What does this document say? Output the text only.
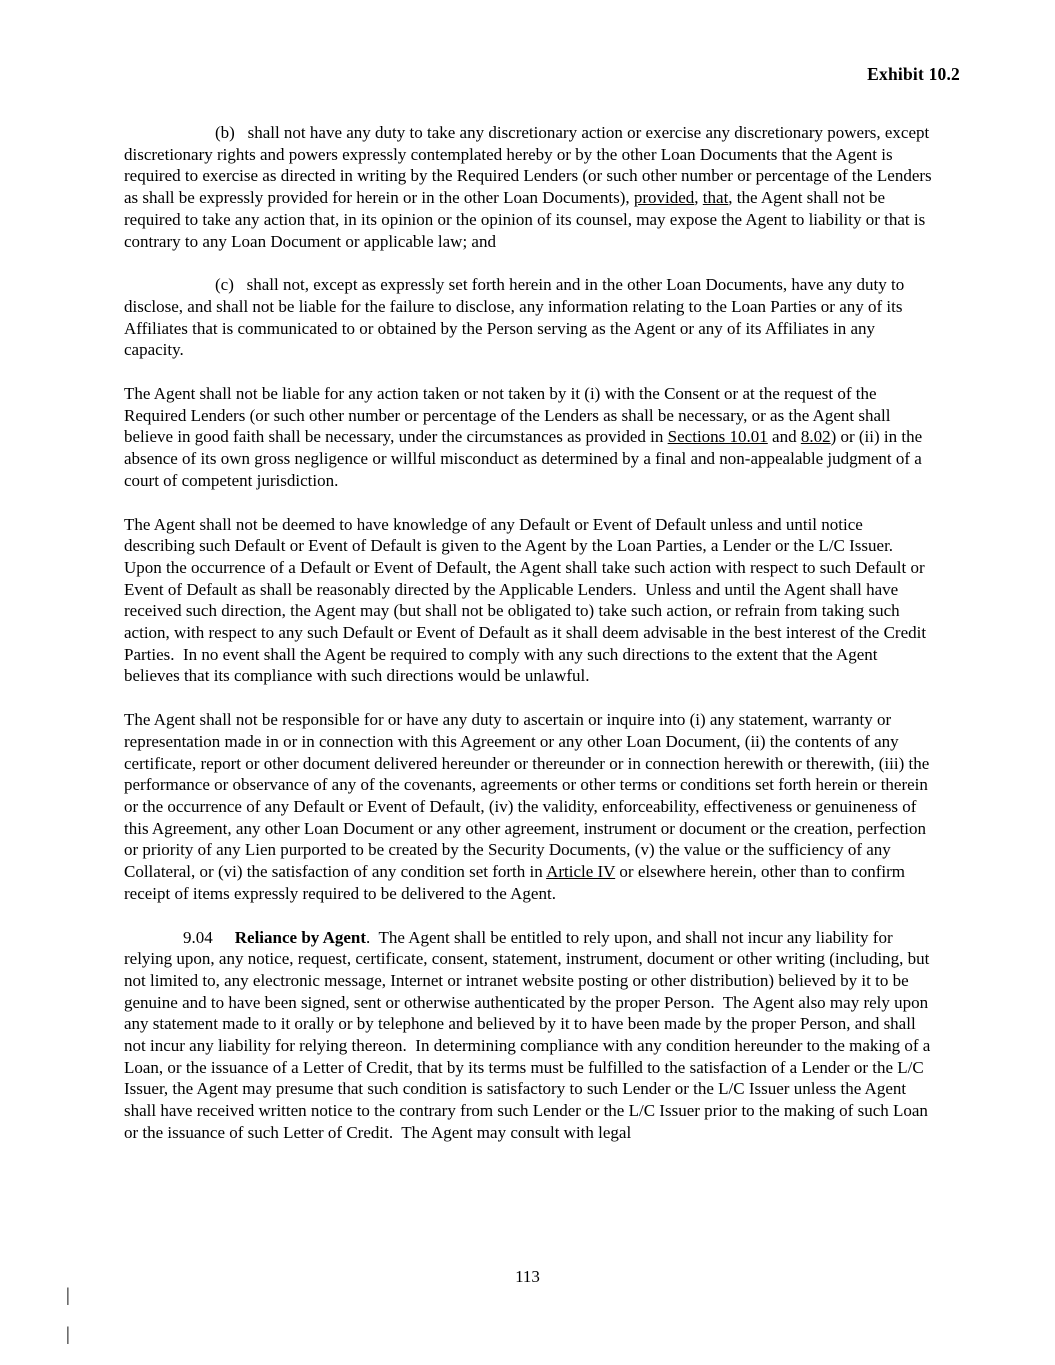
Exhibit 10.2

(b)   shall not have any duty to take any discretionary action or exercise any discretionary powers, except discretionary rights and powers expressly contemplated hereby or by the other Loan Documents that the Agent is required to exercise as directed in writing by the Required Lenders (or such other number or percentage of the Lenders as shall be expressly provided for herein or in the other Loan Documents), provided, that, the Agent shall not be required to take any action that, in its opinion or the opinion of its counsel, may expose the Agent to liability or that is contrary to any Loan Document or applicable law; and

(c)   shall not, except as expressly set forth herein and in the other Loan Documents, have any duty to disclose, and shall not be liable for the failure to disclose, any information relating to the Loan Parties or any of its Affiliates that is communicated to or obtained by the Person serving as the Agent or any of its Affiliates in any capacity.

The Agent shall not be liable for any action taken or not taken by it (i) with the Consent or at the request of the Required Lenders (or such other number or percentage of the Lenders as shall be necessary, or as the Agent shall believe in good faith shall be necessary, under the circumstances as provided in Sections 10.01 and 8.02) or (ii) in the absence of its own gross negligence or willful misconduct as determined by a final and non-appealable judgment of a court of competent jurisdiction.

The Agent shall not be deemed to have knowledge of any Default or Event of Default unless and until notice describing such Default or Event of Default is given to the Agent by the Loan Parties, a Lender or the L/C Issuer. Upon the occurrence of a Default or Event of Default, the Agent shall take such action with respect to such Default or Event of Default as shall be reasonably directed by the Applicable Lenders.  Unless and until the Agent shall have received such direction, the Agent may (but shall not be obligated to) take such action, or refrain from taking such action, with respect to any such Default or Event of Default as it shall deem advisable in the best interest of the Credit Parties.  In no event shall the Agent be required to comply with any such directions to the extent that the Agent believes that its compliance with such directions would be unlawful.

The Agent shall not be responsible for or have any duty to ascertain or inquire into (i) any statement, warranty or representation made in or in connection with this Agreement or any other Loan Document, (ii) the contents of any certificate, report or other document delivered hereunder or thereunder or in connection herewith or therewith, (iii) the performance or observance of any of the covenants, agreements or other terms or conditions set forth herein or therein or the occurrence of any Default or Event of Default, (iv) the validity, enforceability, effectiveness or genuineness of this Agreement, any other Loan Document or any other agreement, instrument or document or the creation, perfection or priority of any Lien purported to be created by the Security Documents, (v) the value or the sufficiency of any Collateral, or (vi) the satisfaction of any condition set forth in Article IV or elsewhere herein, other than to confirm receipt of items expressly required to be delivered to the Agent.

9.04 Reliance by Agent.  The Agent shall be entitled to rely upon, and shall not incur any liability for relying upon, any notice, request, certificate, consent, statement, instrument, document or other writing (including, but not limited to, any electronic message, Internet or intranet website posting or other distribution) believed by it to be genuine and to have been signed, sent or otherwise authenticated by the proper Person.  The Agent also may rely upon any statement made to it orally or by telephone and believed by it to have been made by the proper Person, and shall not incur any liability for relying thereon.  In determining compliance with any condition hereunder to the making of a Loan, or the issuance of a Letter of Credit, that by its terms must be fulfilled to the satisfaction of a Lender or the L/C Issuer, the Agent may presume that such condition is satisfactory to such Lender or the L/C Issuer unless the Agent shall have received written notice to the contrary from such Lender or the L/C Issuer prior to the making of such Loan or the issuance of such Letter of Credit.  The Agent may consult with legal

113
|
|
